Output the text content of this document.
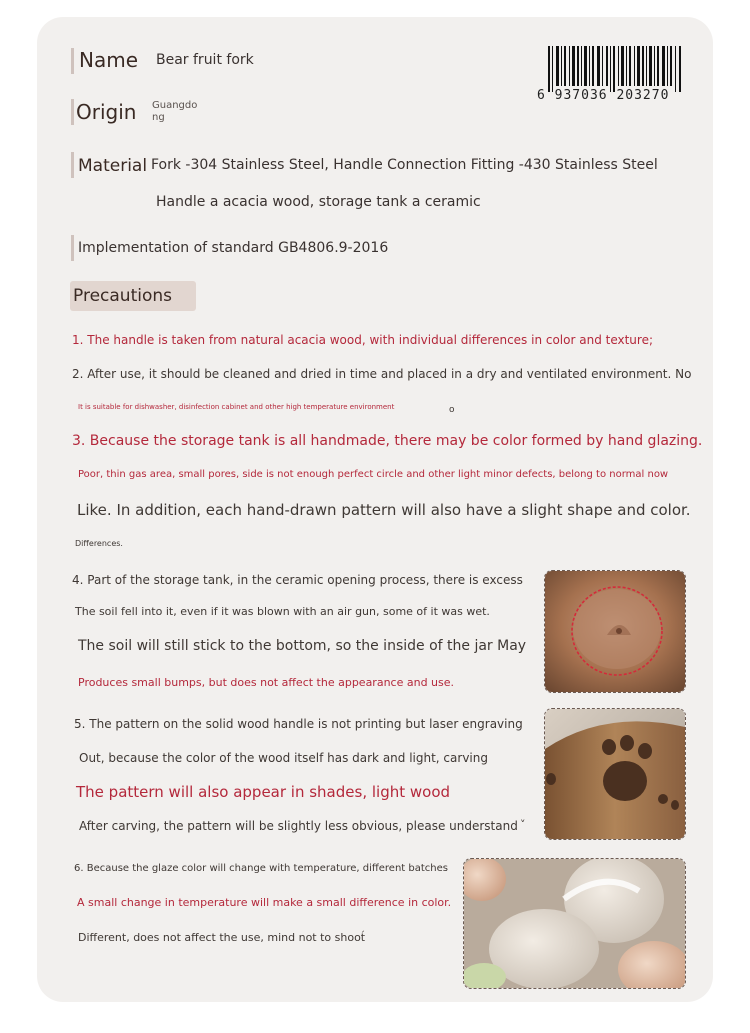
Name Bear fruit fork
Origin Guangdo
ng
Material Fork -304 Stainless Steel, Handle Connection Fitting -430 Stainless Steel
Handle a acacia wood, storage tank a ceramic
Implementation of standard GB4806.9-2016
6 937036 203270
Precautions
1. The handle is taken from natural acacia wood, with individual differences in color and texture;
2. After use, it should be cleaned and dried in time and placed in a dry and ventilated environment. No
It is suitable for dishwasher, disinfection cabinet and other high temperature environment	o
3. Because the storage tank is all handmade, there may be color formed by hand glazing.
Poor, thin gas area, small pores, side is not enough perfect circle and other light minor defects, belong to normal now
Like. In addition, each hand-drawn pattern will also have a slight shape and color.
Differences.
4. Part of the storage tank, in the ceramic opening process, there is excess
The soil fell into it, even if it was blown with an air gun, some of it was wet.
The soil will still stick to the bottom, so the inside of the jar May
Produces small bumps, but does not affect the appearance and use.
5. The pattern on the solid wood handle is not printing but laser engraving
Out, because the color of the wood itself has dark and light, carving
The pattern will also appear in shades, light wood
After carving, the pattern will be slightly less obvious, please understand
ˬ
6. Because the glaze color will change with temperature, different batches
A small change in temperature will make a small difference in color.
Different, does not affect the use, mind not to shoot
ˏ
